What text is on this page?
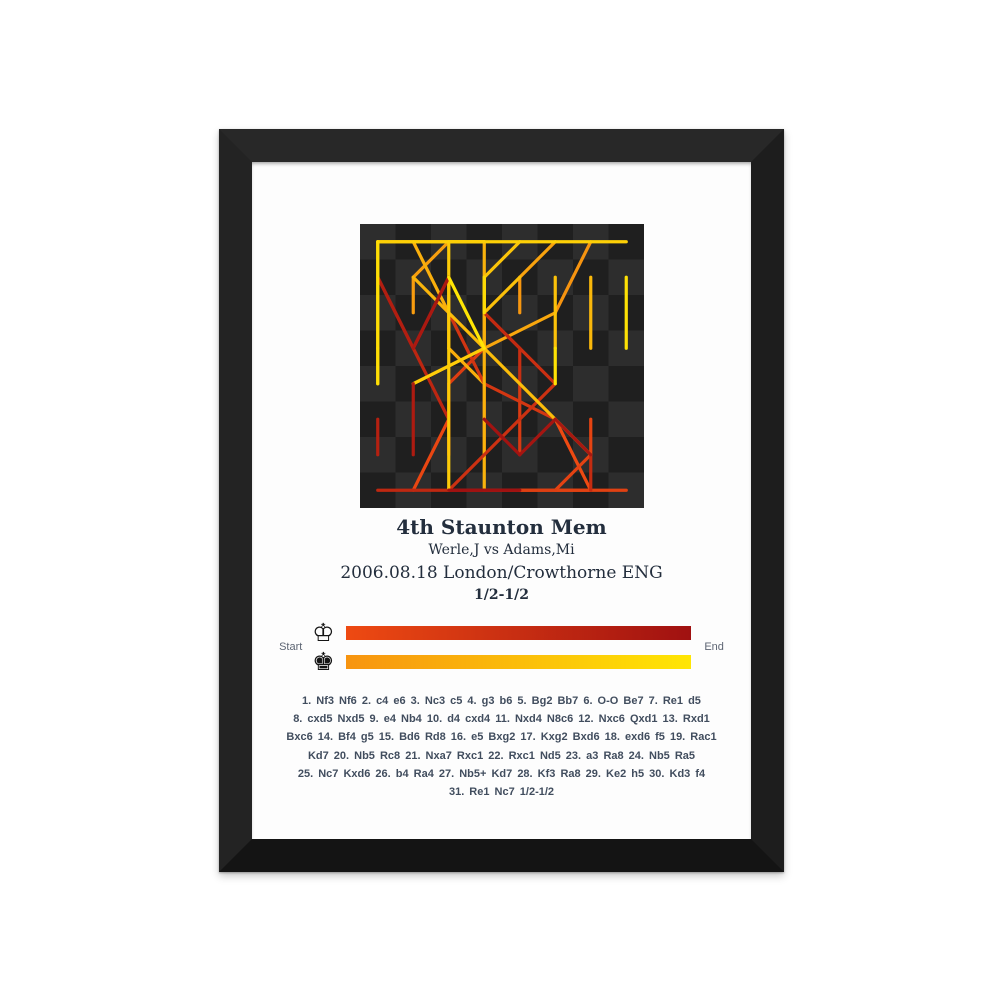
4th Staunton Mem
Werle,J vs Adams,Mi
2006.08.18 London/Crowthorne ENG
1/2-1/2
Start ♔
♚	End
1. Nf3 Nf6 2. c4 e6 3. Nc3 c5 4. g3 b6 5. Bg2 Bb7 6. O-O Be7 7. Re1 d5
8. cxd5 Nxd5 9. e4 Nb4 10. d4 cxd4 11. Nxd4 N8c6 12. Nxc6 Qxd1 13. Rxd1
Bxc6 14. Bf4 g5 15. Bd6 Rd8 16. e5 Bxg2 17. Kxg2 Bxd6 18. exd6 f5 19. Rac1
Kd7 20. Nb5 Rc8 21. Nxa7 Rxc1 22. Rxc1 Nd5 23. a3 Ra8 24. Nb5 Ra5
25. Nc7 Kxd6 26. b4 Ra4 27. Nb5+ Kd7 28. Kf3 Ra8 29. Ke2 h5 30. Kd3 f4
31. Re1 Nc7 1/2-1/2
